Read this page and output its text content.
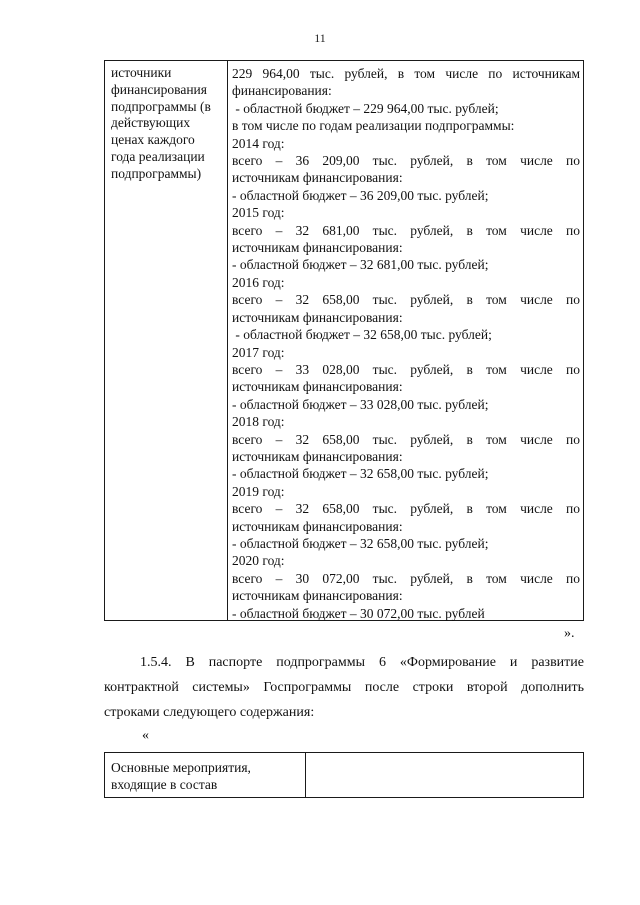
11
источники
финансирования
подпрограммы (в
действующих
ценах каждого
года реализации
подпрограммы)
229 964,00 тыс. рублей, в том числе по источникам
финансирования:
- областной бюджет – 229 964,00 тыс. рублей;
в том числе по годам реализации подпрограммы:
2014 год:
всего – 36 209,00 тыс. рублей, в том числе по
источникам финансирования:
- областной бюджет – 36 209,00 тыс. рублей;
2015 год:
всего – 32 681,00 тыс. рублей, в том числе по
источникам финансирования:
- областной бюджет – 32 681,00 тыс. рублей;
2016 год:
всего – 32 658,00 тыс. рублей, в том числе по
источникам финансирования:
- областной бюджет – 32 658,00 тыс. рублей;
2017 год:
всего – 33 028,00 тыс. рублей, в том числе по
источникам финансирования:
- областной бюджет – 33 028,00 тыс. рублей;
2018 год:
всего – 32 658,00 тыс. рублей, в том числе по
источникам финансирования:
- областной бюджет – 32 658,00 тыс. рублей;
2019 год:
всего – 32 658,00 тыс. рублей, в том числе по
источникам финансирования:
- областной бюджет – 32 658,00 тыс. рублей;
2020 год:
всего – 30 072,00 тыс. рублей, в том числе по
источникам финансирования:
- областной бюджет – 30 072,00 тыс. рублей
».
1.5.4. В паспорте подпрограммы 6 «Формирование и развитие
контрактной системы» Госпрограммы после строки второй дополнить
строками следующего содержания:
«
Основные мероприятия,
входящие в состав
